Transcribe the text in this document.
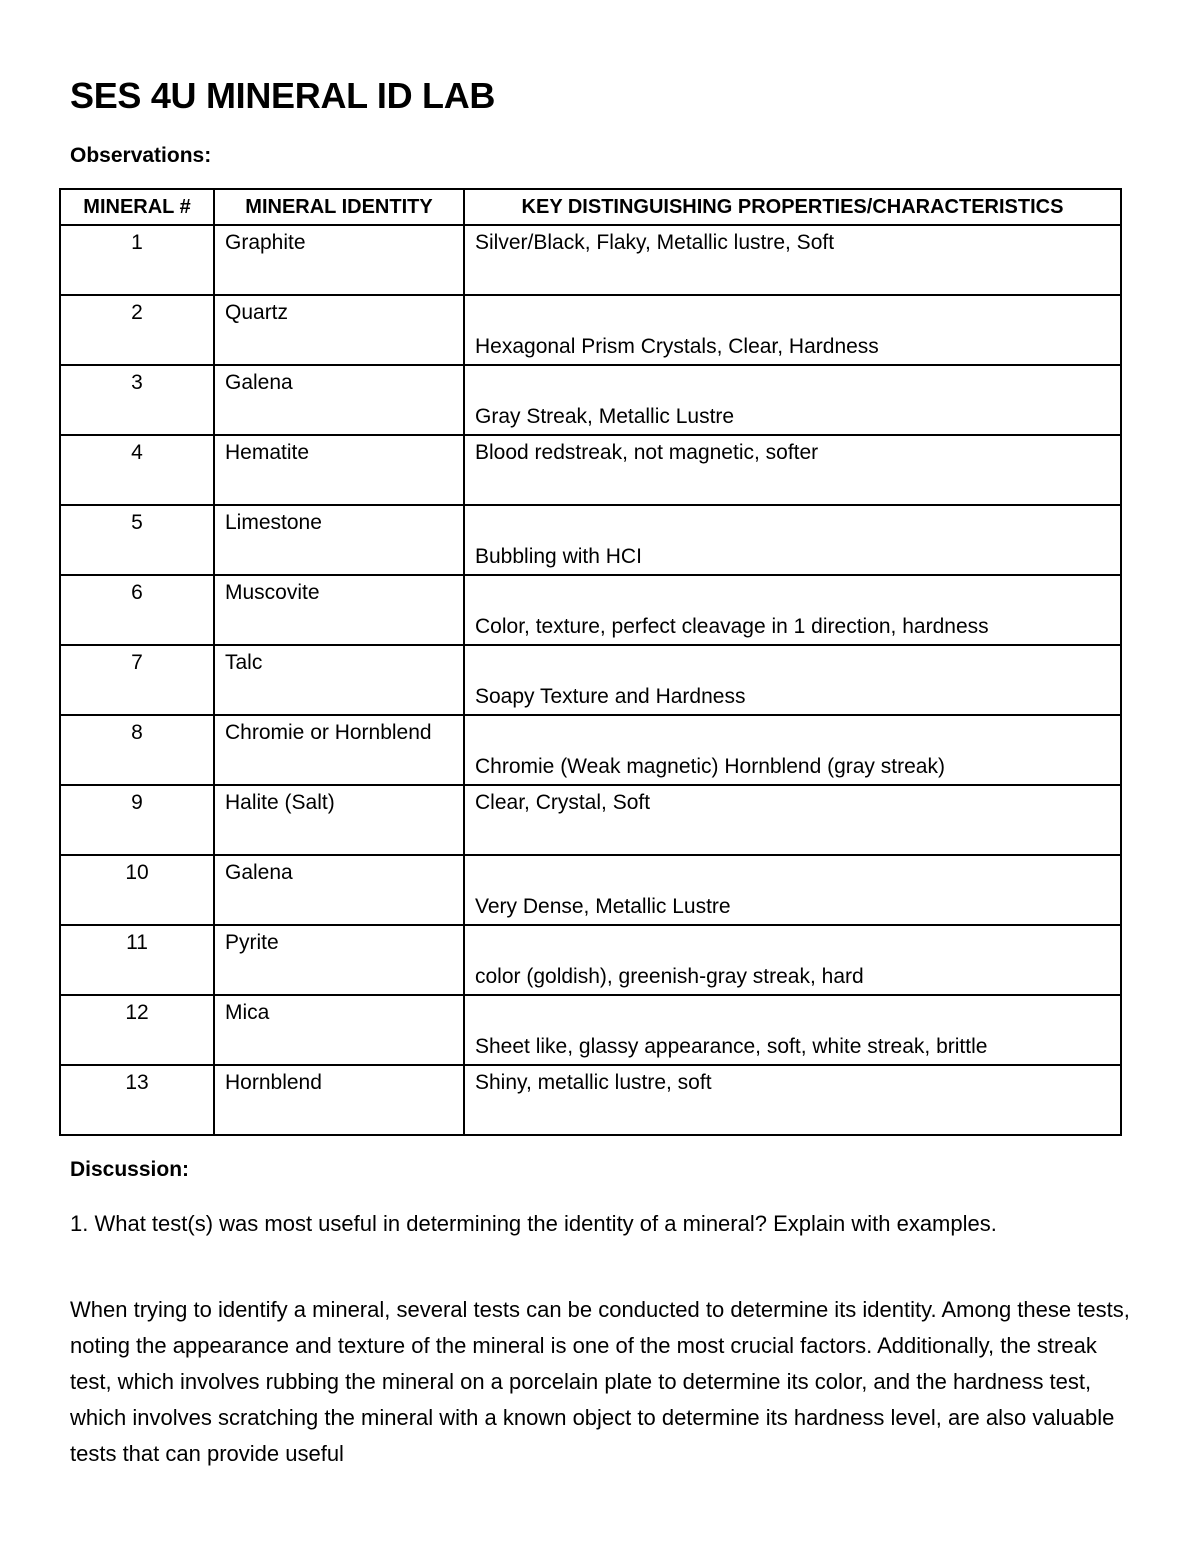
SES 4U MINERAL ID LAB
Observations:
MINERAL #	MINERAL IDENTITY	KEY DISTINGUISHING PROPERTIES/CHARACTERISTICS
1	Graphite	Silver/Black, Flaky, Metallic lustre, Soft

2	Quartz	Hexagonal Prism Crystals, Clear, Hardness

3	Galena	Gray Streak, Metallic Lustre

4	Hematite	Blood redstreak, not magnetic, softer

5	Limestone	Bubbling with HCI

6	Muscovite	Color, texture, perfect cleavage in 1 direction, hardness

7	Talc	Soapy Texture and Hardness

8	Chromie or Hornblend	Chromie (Weak magnetic) Hornblend (gray streak)

9	Halite (Salt)	Clear, Crystal, Soft

10	Galena	Very Dense, Metallic Lustre

11	Pyrite	color (goldish), greenish-gray streak, hard

12	Mica	Sheet like, glassy appearance, soft, white streak, brittle

13	Hornblend	Shiny, metallic lustre, soft
Discussion:

1. What test(s) was most useful in determining the identity of a mineral? Explain with examples.

When trying to identify a mineral, several tests can be conducted to determine its identity. Among these tests, noting the appearance and texture of the mineral is one of the most crucial factors. Additionally, the streak test, which involves rubbing the mineral on a porcelain plate to determine its color, and the hardness test, which involves scratching the mineral with a known object to determine its hardness level, are also valuable tests that can provide useful
